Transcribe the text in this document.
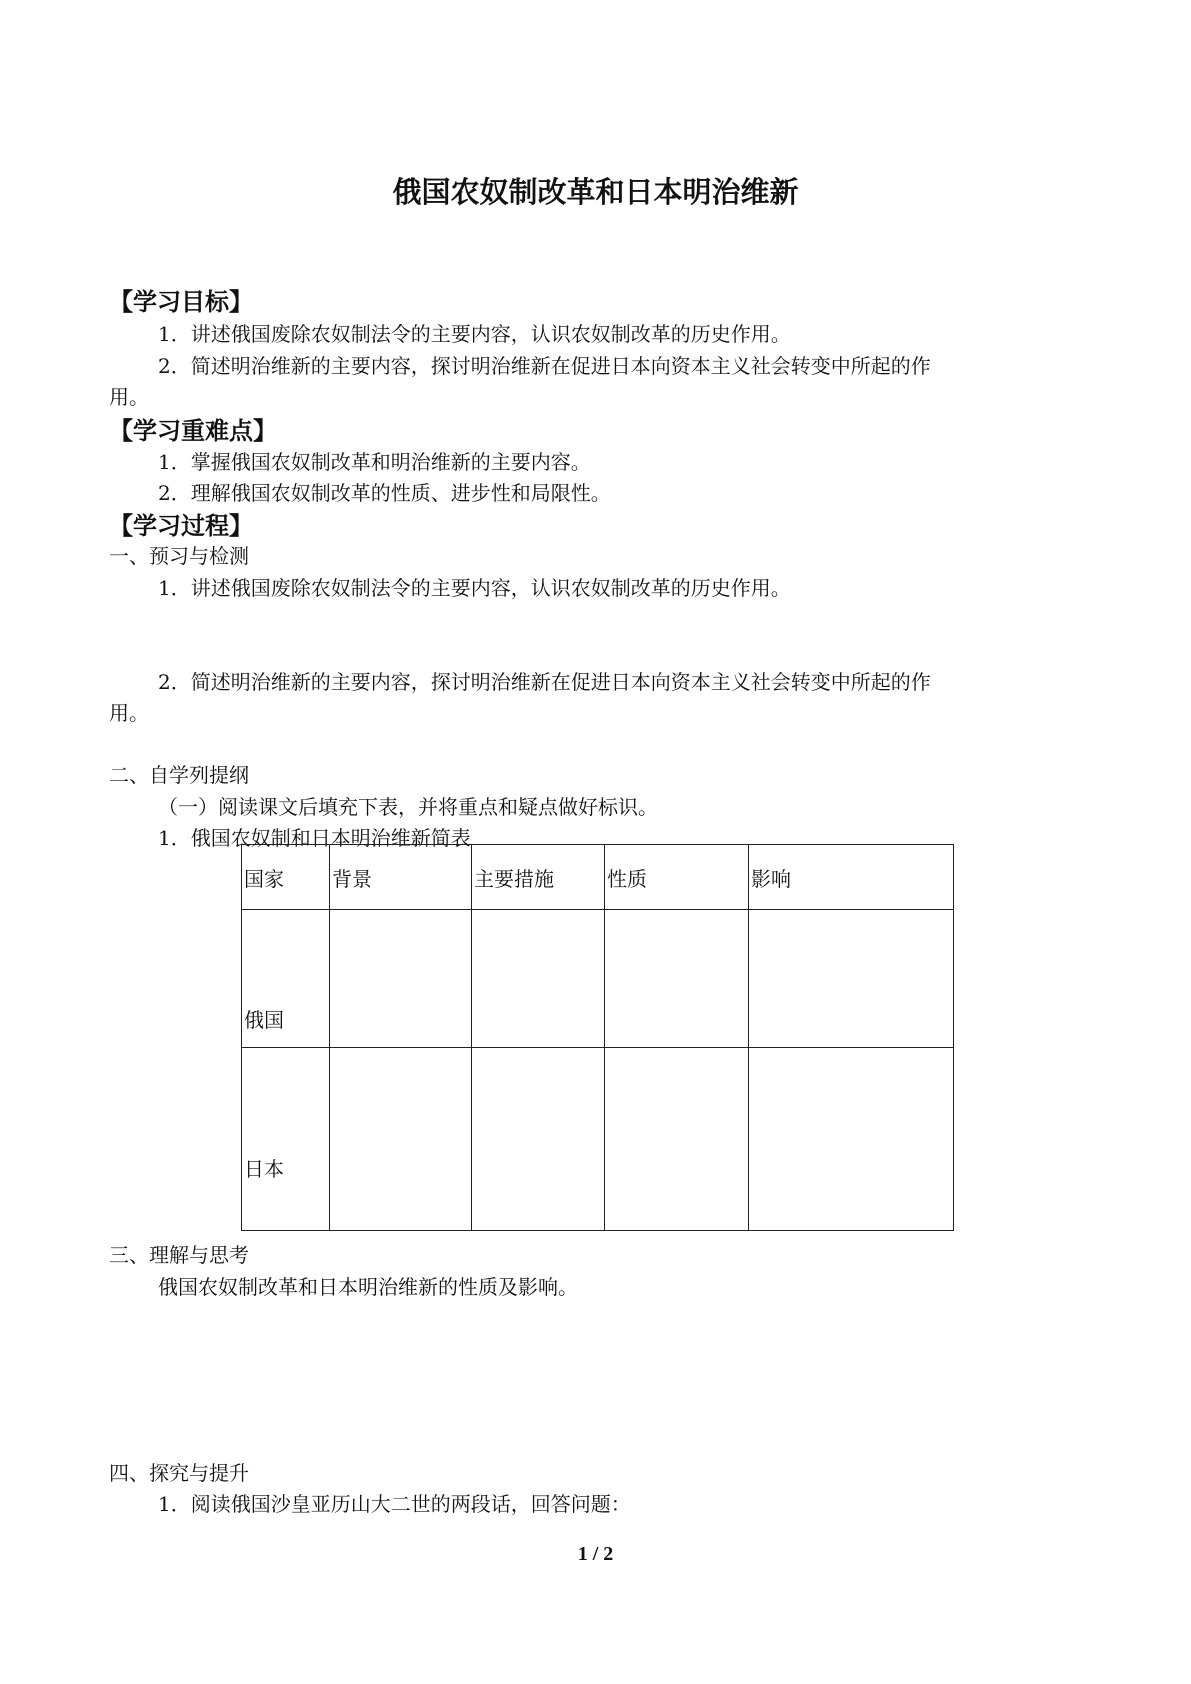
俄国农奴制改革和日本明治维新
【学习目标】
1．讲述俄国废除农奴制法令的主要内容，认识农奴制改革的历史作用。
2．简述明治维新的主要内容，探讨明治维新在促进日本向资本主义社会转变中所起的作
用。
【学习重难点】
1．掌握俄国农奴制改革和明治维新的主要内容。
2．理解俄国农奴制改革的性质、进步性和局限性。
【学习过程】
一、预习与检测
1．讲述俄国废除农奴制法令的主要内容，认识农奴制改革的历史作用。
2．简述明治维新的主要内容，探讨明治维新在促进日本向资本主义社会转变中所起的作
用。
二、自学列提纲
（一）阅读课文后填充下表，并将重点和疑点做好标识。
1．俄国农奴制和日本明治维新简表
国家	背景	主要措施	性质	影响
俄国				
日本				
三、理解与思考
俄国农奴制改革和日本明治维新的性质及影响。
四、探究与提升
1．阅读俄国沙皇亚历山大二世的两段话，回答问题：
1 / 2
